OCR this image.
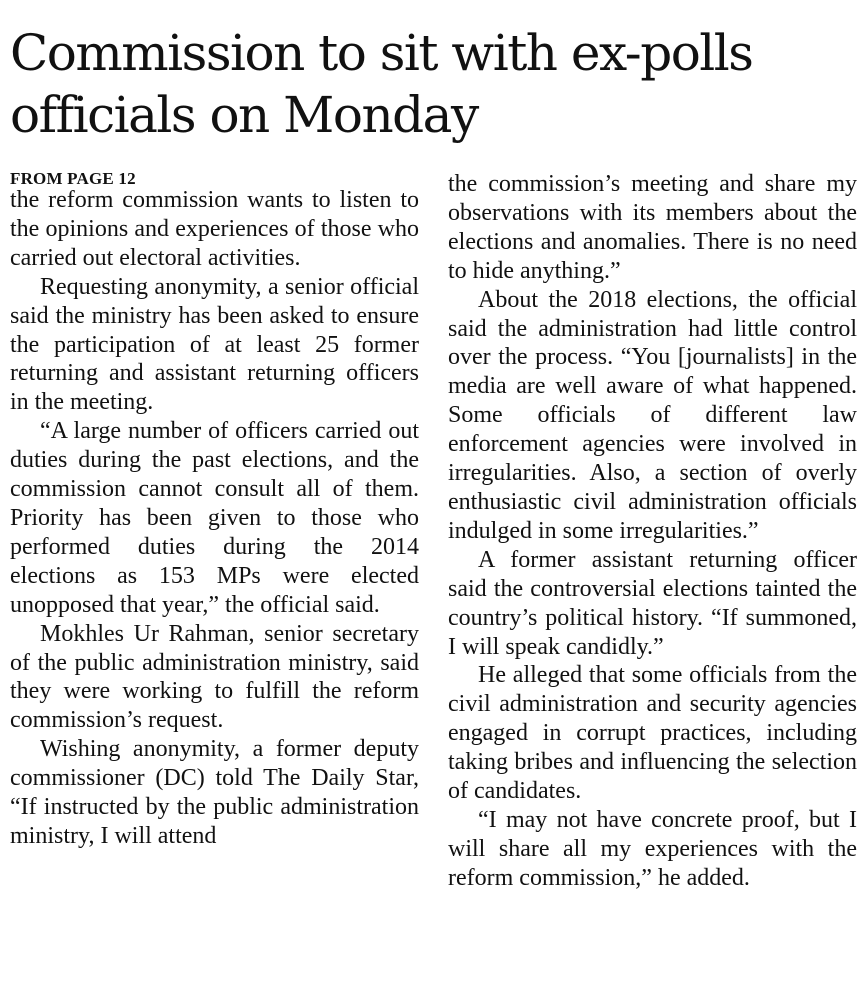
Commission to sit with ex-polls officials on Monday
FROM PAGE 12

the reform commission wants to listen to the opinions and experiences of those who carried out electoral activities.

Requesting anonymity, a senior official said the ministry has been asked to ensure the participation of at least 25 former returning and assistant returning officers in the meeting.

“A large number of officers carried out duties during the past elections, and the commission cannot consult all of them. Priority has been given to those who performed duties during the 2014 elections as 153 MPs were elected unopposed that year,” the official said.

Mokhles Ur Rahman, senior secretary of the public administration ministry, said they were working to fulfill the reform commission’s request.

Wishing anonymity, a former deputy commissioner (DC) told The Daily Star, “If instructed by the public administration ministry, I will attend

the commission’s meeting and share my observations with its members about the elections and anomalies. There is no need to hide anything.”

About the 2018 elections, the official said the administration had little control over the process. “You [journalists] in the media are well aware of what happened. Some officials of different law enforcement agencies were involved in irregularities. Also, a section of overly enthusiastic civil administration officials indulged in some irregularities.”

A former assistant returning officer said the controversial elections tainted the country’s political history. “If summoned, I will speak candidly.”

He alleged that some officials from the civil administration and security agencies engaged in corrupt practices, including taking bribes and influencing the selection of candidates.

“I may not have concrete proof, but I will share all my experiences with the reform commission,” he added.
